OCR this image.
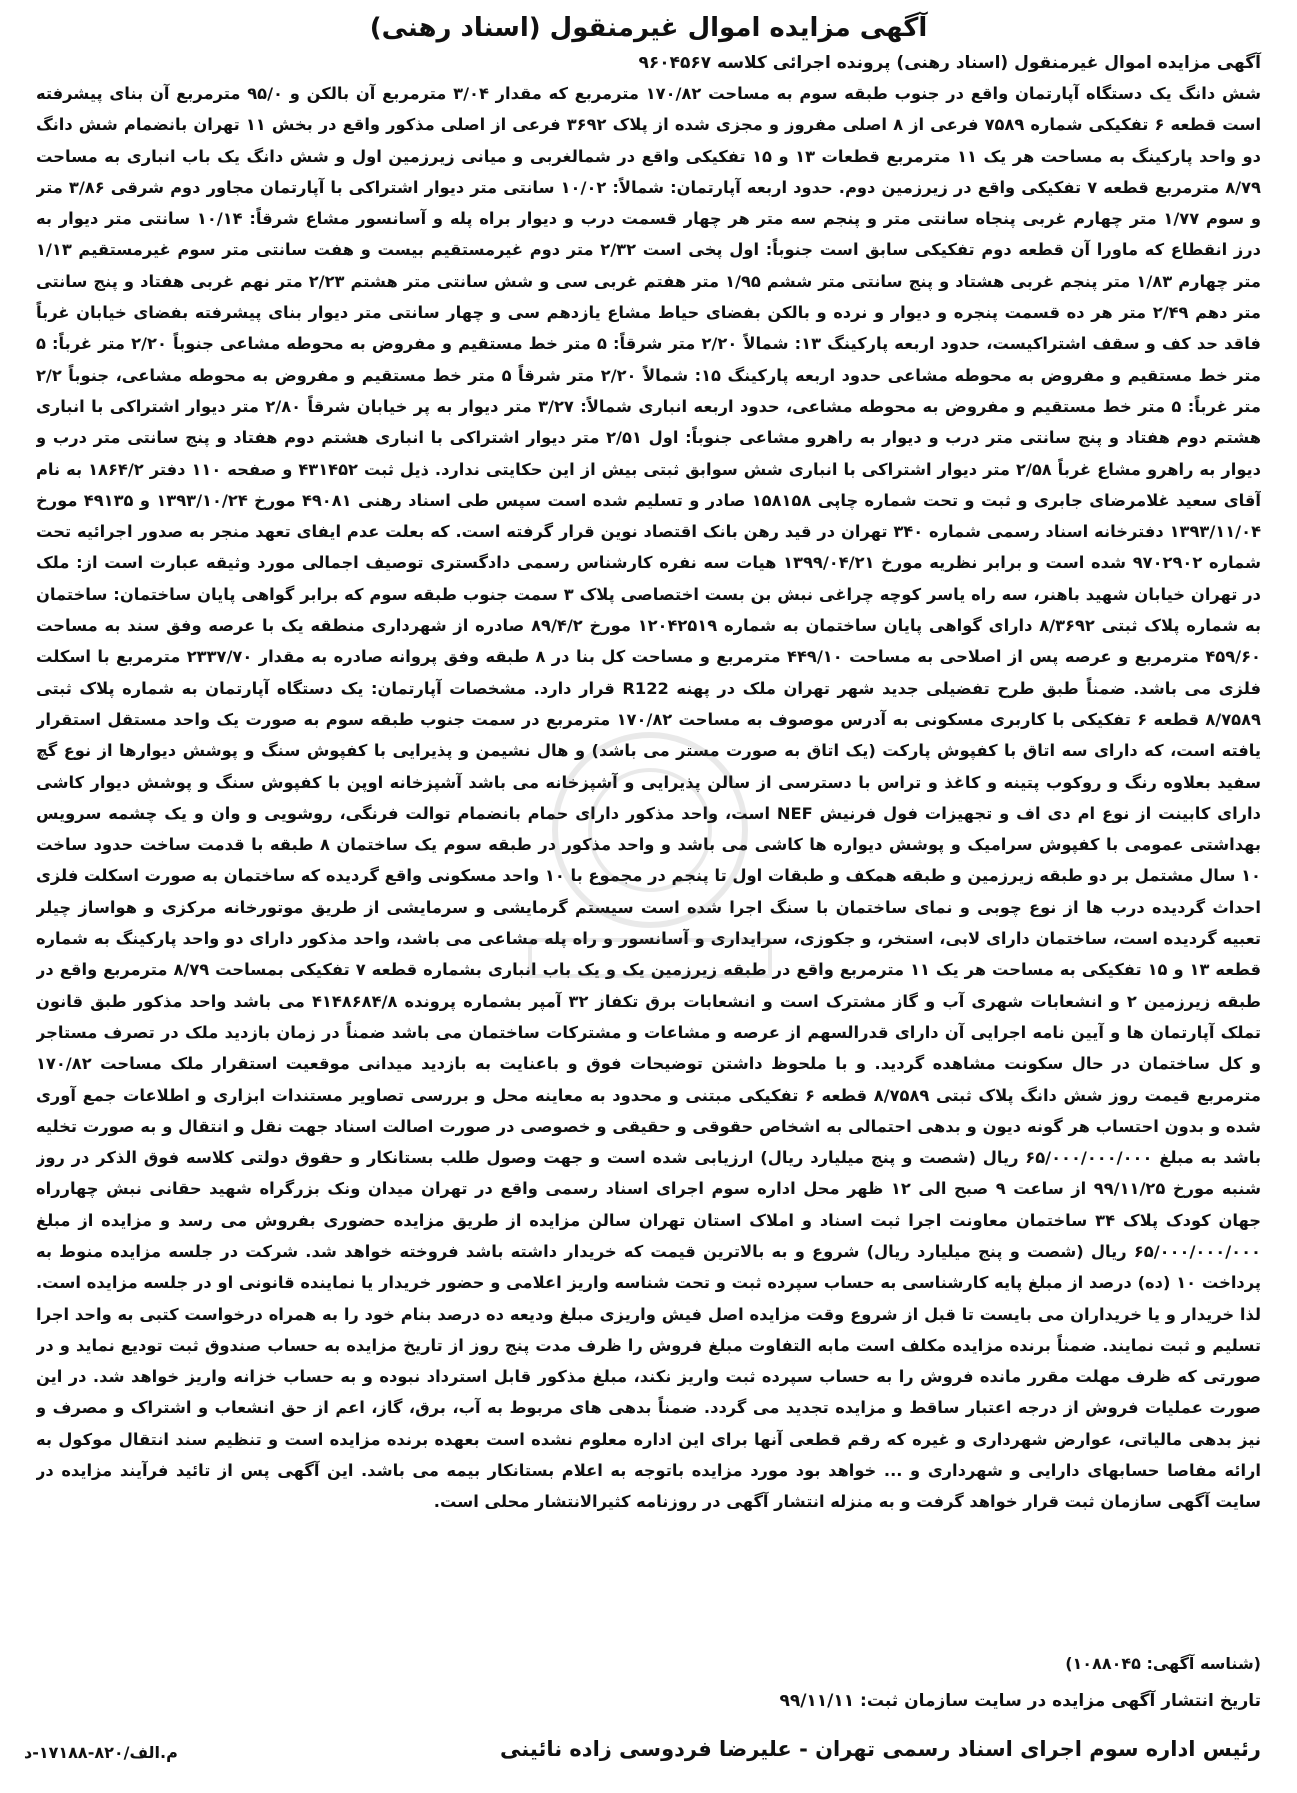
آگهی مزایده اموال غیرمنقول (اسناد رهنی)
آگهی مزایده اموال غیرمنقول (اسناد رهنی) پرونده اجرائی کلاسه ۹۶۰۴۵۶۷
شش دانگ یک دستگاه آپارتمان واقع در جنوب طبقه سوم به مساحت ۱۷۰/۸۲ مترمربع که مقدار ۳/۰۴ مترمربع آن بالکن و ۹۵/۰ مترمربع آن بنای پیشرفته است قطعه ۶ تفکیکی شماره ۷۵۸۹ فرعی از ۸ اصلی مفروز و مجزی شده از پلاک ۳۶۹۲ فرعی از اصلی مذکور واقع در بخش ۱۱ تهران بانضمام شش دانگ دو واحد پارکینگ به مساحت هر یک ۱۱ مترمربع قطعات ۱۳ و ۱۵ تفکیکی واقع در شمالغربی و میانی زیرزمین اول و شش دانگ یک باب انباری به مساحت ۸/۷۹ مترمربع قطعه ۷ تفکیکی واقع در زیرزمین دوم. حدود اربعه آپارتمان: شمالاً: ۱۰/۰۲ سانتی متر دیوار اشتراکی با آپارتمان مجاور دوم شرقی ۳/۸۶ متر و سوم ۱/۷۷ متر چهارم غربی پنجاه سانتی متر و پنجم سه متر هر چهار قسمت درب و دیوار براه پله و آسانسور مشاع شرقاً: ۱۰/۱۴ سانتی متر دیوار به درز انقطاع که ماورا آن قطعه دوم تفکیکی سابق است جنوباً: اول پخی است ۲/۳۲ متر دوم غیرمستقیم بیست و هفت سانتی متر سوم غیرمستقیم ۱/۱۳ متر چهارم ۱/۸۳ متر پنجم غربی هشتاد و پنج سانتی متر ششم ۱/۹۵ متر هفتم غربی سی و شش سانتی متر هشتم ۲/۲۳ متر نهم غربی هفتاد و پنج سانتی متر دهم ۲/۴۹ متر هر ده قسمت پنجره و دیوار و نرده و بالکن بفضای حیاط مشاع یازدهم سی و چهار سانتی متر دیوار بنای پیشرفته بفضای خیابان غرباً فاقد حد کف و سقف اشتراکیست، حدود اربعه پارکینگ ۱۳: شمالاً ۲/۲۰ متر شرقاً: ۵ متر خط مستقیم و مفروض به محوطه مشاعی جنوباً ۲/۲۰ متر غرباً: ۵ متر خط مستقیم و مفروض به محوطه مشاعی حدود اربعه پارکینگ ۱۵: شمالاً ۲/۲۰ متر شرقاً ۵ متر خط مستقیم و مفروض به محوطه مشاعی، جنوباً ۲/۲ متر غرباً: ۵ متر خط مستقیم و مفروض به محوطه مشاعی، حدود اربعه انباری شمالاً: ۳/۲۷ متر دیوار به پر خیابان شرقاً ۲/۸۰ متر دیوار اشتراکی با انباری هشتم دوم هفتاد و پنج سانتی متر درب و دیوار به راهرو مشاعی جنوباً: اول ۲/۵۱ متر دیوار اشتراکی با انباری هشتم دوم هفتاد و پنج سانتی متر درب و دیوار به راهرو مشاع غرباً ۲/۵۸ متر دیوار اشتراکی با انباری شش سوابق ثبتی بیش از این حکایتی ندارد. ذیل ثبت ۴۳۱۴۵۲ و صفحه ۱۱۰ دفتر ۱۸۶۴/۲ به نام آقای سعید غلامرضای جابری و ثبت و تحت شماره چاپی ۱۵۸۱۵۸ صادر و تسلیم شده است سپس طی اسناد رهنی ۴۹۰۸۱ مورخ ۱۳۹۳/۱۰/۲۴ و ۴۹۱۳۵ مورخ ۱۳۹۳/۱۱/۰۴ دفترخانه اسناد رسمی شماره ۳۴۰ تهران در قید رهن بانک اقتصاد نوین قرار گرفته است. که بعلت عدم ایفای تعهد منجر به صدور اجرائیه تحت شماره ۹۷۰۲۹۰۲ شده است و برابر نظریه مورخ ۱۳۹۹/۰۴/۲۱ هیات سه نفره کارشناس رسمی دادگستری توصیف اجمالی مورد وثیقه عبارت است از: ملک در تهران خیابان شهید باهنر، سه راه یاسر کوچه چراغی نبش بن بست اختصاصی پلاک ۳ سمت جنوب طبقه سوم که برابر گواهی پایان ساختمان: ساختمان به شماره پلاک ثبتی ۸/۳۶۹۲ دارای گواهی پایان ساختمان به شماره ۱۲۰۴۲۵۱۹ مورخ ۸۹/۴/۲ صادره از شهرداری منطقه یک با عرصه وفق سند به مساحت ۴۵۹/۶۰ مترمربع و عرصه پس از اصلاحی به مساحت ۴۴۹/۱۰ مترمربع و مساحت کل بنا در ۸ طبقه وفق پروانه صادره به مقدار ۲۳۳۷/۷۰ مترمربع با اسکلت فلزی می باشد. ضمناً طبق طرح تفضیلی جدید شهر تهران ملک در پهنه R122 قرار دارد. مشخصات آپارتمان: یک دستگاه آپارتمان به شماره پلاک ثبتی ۸/۷۵۸۹ قطعه ۶ تفکیکی با کاربری مسکونی به آدرس موصوف به مساحت ۱۷۰/۸۲ مترمربع در سمت جنوب طبقه سوم به صورت یک واحد مستقل استقرار یافته است، که دارای سه اتاق با کفپوش پارکت (یک اتاق به صورت مستر می باشد) و هال نشیمن و پذیرایی با کفپوش سنگ و پوشش دیوارها از نوع گچ سفید بعلاوه رنگ و روکوب پتینه و کاغذ و تراس با دسترسی از سالن پذیرایی و آشپزخانه می باشد آشپزخانه اوپن با کفپوش سنگ و پوشش دیوار کاشی دارای کابینت از نوع ام دی اف و تجهیزات فول فرنیش NEF است، واحد مذکور دارای حمام بانضمام توالت فرنگی، روشویی و وان و یک چشمه سرویس بهداشتی عمومی با کفپوش سرامیک و پوشش دیواره ها کاشی می باشد و واحد مذکور در طبقه سوم یک ساختمان ۸ طبقه با قدمت ساخت حدود ساخت ۱۰ سال مشتمل بر دو طبقه زیرزمین و طبقه همکف و طبقات اول تا پنجم در مجموع با ۱۰ واحد مسکونی واقع گردیده که ساختمان به صورت اسکلت فلزی احداث گردیده درب ها از نوع چوبی و نمای ساختمان با سنگ اجرا شده است سیستم گرمایشی و سرمایشی از طریق موتورخانه مرکزی و هواساز چیلر تعبیه گردیده است، ساختمان دارای لابی، استخر، و جکوزی، سرایداری و آسانسور و راه پله مشاعی می باشد، واحد مذکور دارای دو واحد پارکینگ به شماره قطعه ۱۳ و ۱۵ تفکیکی به مساحت هر یک ۱۱ مترمربع واقع در طبقه زیرزمین یک و یک باب انباری بشماره قطعه ۷ تفکیکی بمساحت ۸/۷۹ مترمربع واقع در طبقه زیرزمین ۲ و انشعابات شهری آب و گاز مشترک است و انشعابات برق تکفاز ۳۲ آمپر بشماره پرونده ۴۱۴۸۶۸۴/۸ می باشد واحد مذکور طبق قانون تملک آپارتمان ها و آیین نامه اجرایی آن دارای قدرالسهم از عرصه و مشاعات و مشترکات ساختمان می باشد ضمناً در زمان بازدید ملک در تصرف مستاجر و کل ساختمان در حال سکونت مشاهده گردید. و با ملحوظ داشتن توضیحات فوق و باعنایت به بازدید میدانی موقعیت استقرار ملک مساحت ۱۷۰/۸۲ مترمربع قیمت روز شش دانگ پلاک ثبتی ۸/۷۵۸۹ قطعه ۶ تفکیکی مبتنی و محدود به معاینه محل و بررسی تصاویر مستندات ابزاری و اطلاعات جمع آوری شده و بدون احتساب هر گونه دیون و بدهی احتمالی به اشخاص حقوقی و حقیقی و خصوصی در صورت اصالت اسناد جهت نقل و انتقال و به صورت تخلیه باشد به مبلغ ۶۵/۰۰۰/۰۰۰/۰۰۰ ریال (شصت و پنج میلیارد ریال) ارزیابی شده است و جهت وصول طلب بستانکار و حقوق دولتی کلاسه فوق الذکر در روز شنبه مورخ ۹۹/۱۱/۲۵ از ساعت ۹ صبح الی ۱۲ ظهر محل اداره سوم اجرای اسناد رسمی واقع در تهران میدان ونک بزرگراه شهید حقانی نبش چهارراه جهان کودک پلاک ۳۴ ساختمان معاونت اجرا ثبت اسناد و املاک استان تهران سالن مزایده از طریق مزایده حضوری بفروش می رسد و مزایده از مبلغ ۶۵/۰۰۰/۰۰۰/۰۰۰ ریال (شصت و پنج میلیارد ریال) شروع و به بالاترین قیمت که خریدار داشته باشد فروخته خواهد شد. شرکت در جلسه مزایده منوط به پرداخت ۱۰ (ده) درصد از مبلغ پایه کارشناسی به حساب سپرده ثبت و تحت شناسه واریز اعلامی و حضور خریدار یا نماینده قانونی او در جلسه مزایده است. لذا خریدار و یا خریداران می بایست تا قبل از شروع وقت مزایده اصل فیش واریزی مبلغ ودیعه ده درصد بنام خود را به همراه درخواست کتبی به واحد اجرا تسلیم و ثبت نمایند. ضمناً برنده مزایده مکلف است مابه التفاوت مبلغ فروش را ظرف مدت پنج روز از تاریخ مزایده به حساب صندوق ثبت تودیع نماید و در صورتی که ظرف مهلت مقرر مانده فروش را به حساب سپرده ثبت واریز نکند، مبلغ مذکور قابل استرداد نبوده و به حساب خزانه واریز خواهد شد. در این صورت عملیات فروش از درجه اعتبار ساقط و مزایده تجدید می گردد. ضمناً بدهی های مربوط به آب، برق، گاز، اعم از حق انشعاب و اشتراک و مصرف و نیز بدهی مالیاتی، عوارض شهرداری و غیره که رقم قطعی آنها برای این اداره معلوم نشده است بعهده برنده مزایده است و تنظیم سند انتقال موکول به ارائه مفاصا حسابهای دارایی و شهرداری و ... خواهد بود مورد مزایده باتوجه به اعلام بستانکار بیمه می باشد. این آگهی پس از تائید فرآیند مزایده در سایت آگهی سازمان ثبت قرار خواهد گرفت و به منزله انتشار آگهی در روزنامه کثیرالانتشار محلی است.
(شناسه آگهی: ۱۰۸۸۰۴۵)
تاریخ انتشار آگهی مزایده در سایت سازمان ثبت: ۹۹/۱۱/۱۱
رئیس اداره سوم اجرای اسناد رسمی تهران - علیرضا فردوسی زاده نائینی
م.الف/۸۲۰-۱۷۱۸۸-د
